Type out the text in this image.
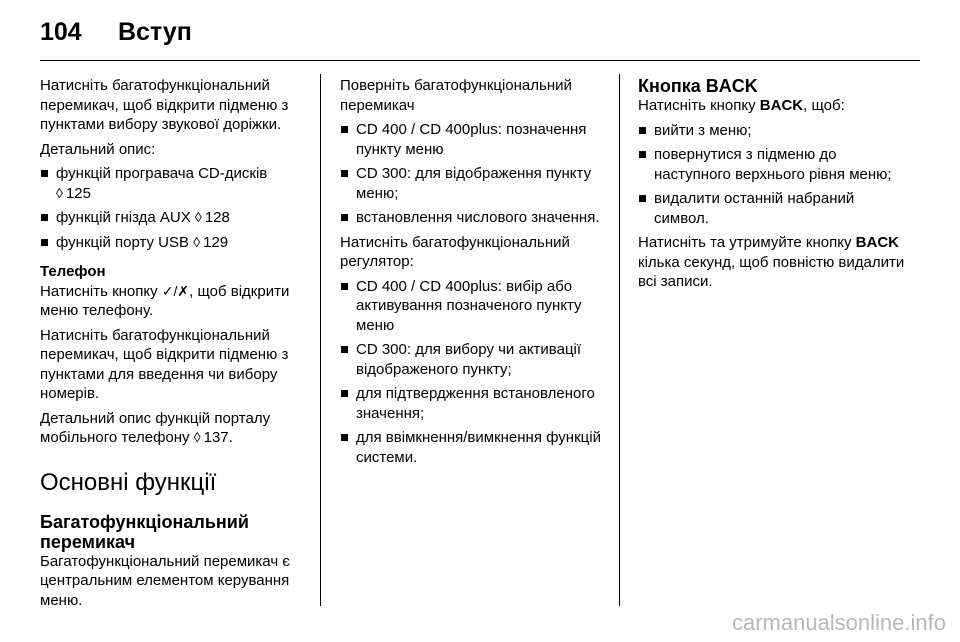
104 Вступ

Натисніть багатофункціональний перемикач, щоб відкрити підменю з пунктами вибору звукової доріжки.

Детальний опис:

функцій програвача CD-дисків
◊ 125
функцій гнізда AUX ◊ 128
функцій порту USB ◊ 129
Телефон

Натисніть кнопку ✓/✗, щоб відкрити меню телефону.

Натисніть багатофункціональний перемикач, щоб відкрити підменю з пунктами для введення чи вибору номерів.

Детальний опис функцій порталу мобільного телефону ◊ 137.

Основні функції
Багатофункціональний перемикач

Багатофункціональний перемикач є центральним елементом керування меню.

Поверніть багатофункціональний перемикач

CD 400 / CD 400plus: позначення пункту меню
CD 300: для відображення пункту меню;
встановлення числового значення.

Натисніть багатофункціональний регулятор:

CD 400 / CD 400plus: вибір або активування позначеного пункту меню
CD 300: для вибору чи активації відображеного пункту;
для підтвердження встановленого значення;
для ввімкнення/вимкнення функцій системи.
Кнопка BACK

Натисніть кнопку BACK, щоб:

вийти з меню;
повернутися з підменю до наступного верхнього рівня меню;
видалити останній набраний символ.

Натисніть та утримуйте кнопку BACK кілька секунд, щоб повністю видалити всі записи.

carmanualsonline.info
